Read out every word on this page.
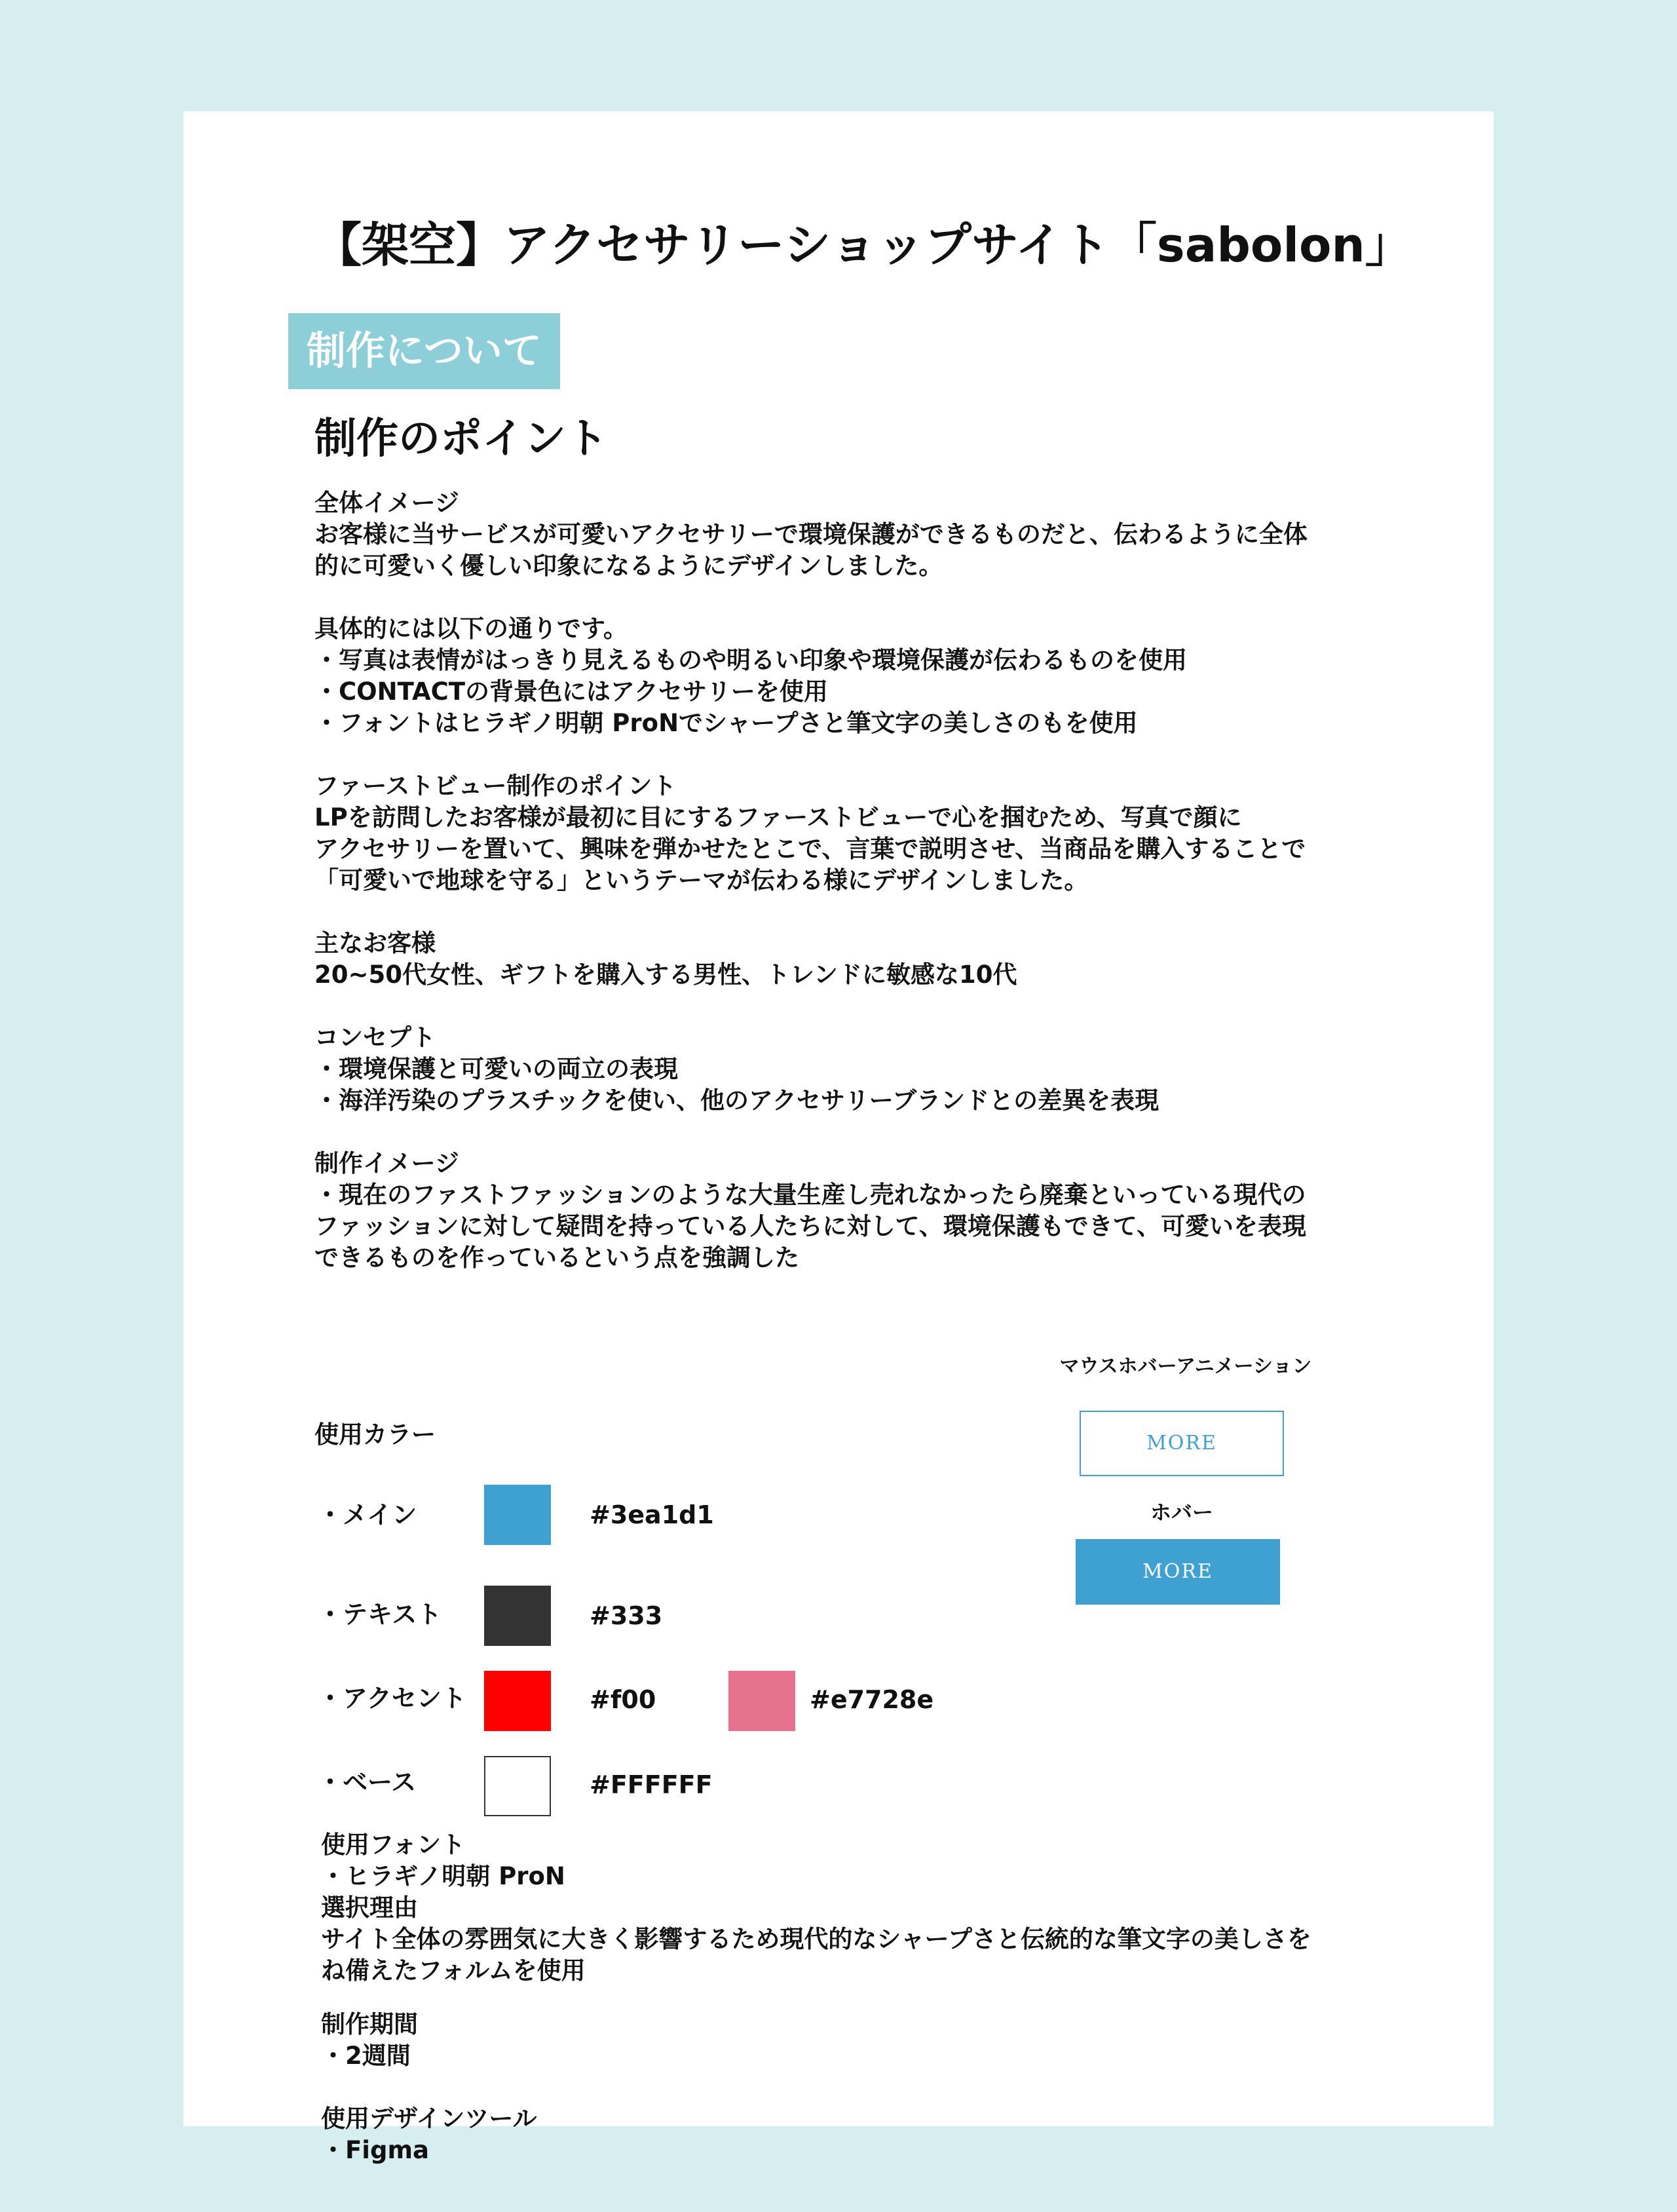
【架空】アクセサリーショップサイト「sabolon」
制作について
制作のポイント
全体イメージ
お客様に当サービスが可愛いアクセサリーで環境保護ができるものだと、伝わるように全体
的に可愛いく優しい印象になるようにデザインしました。
具体的には以下の通りです。
・写真は表情がはっきり見えるものや明るい印象や環境保護が伝わるものを使用
・CONTACTの背景色にはアクセサリーを使用
・フォントはヒラギノ明朝 ProNでシャープさと筆文字の美しさのもを使用
ファーストビュー制作のポイント
LPを訪問したお客様が最初に目にするファーストビューで心を掴むため、写真で顔に
アクセサリーを置いて、興味を弾かせたとこで、言葉で説明させ、当商品を購入することで
「可愛いで地球を守る」というテーマが伝わる様にデザインしました。
主なお客様
20~50代女性、ギフトを購入する男性、トレンドに敏感な10代
コンセプト
・環境保護と可愛いの両立の表現
・海洋汚染のプラスチックを使い、他のアクセサリーブランドとの差異を表現
制作イメージ
・現在のファストファッションのような大量生産し売れなかったら廃棄といっている現代の
ファッションに対して疑問を持っている人たちに対して、環境保護もできて、可愛いを表現
できるものを作っているという点を強調した
使用カラー
・メイン	#3ea1d1
・テキスト	#333
・アクセント	#f00	#e7728e
・ベース	#FFFFFF
マウスホバーアニメーション
MORE
ホバー
MORE
使用フォント
・ヒラギノ明朝 ProN
選択理由
サイト全体の雰囲気に大きく影響するため現代的なシャープさと伝統的な筆文字の美しさを
ね備えたフォルムを使用
制作期間
・2週間
使用デザインツール
・Figma
